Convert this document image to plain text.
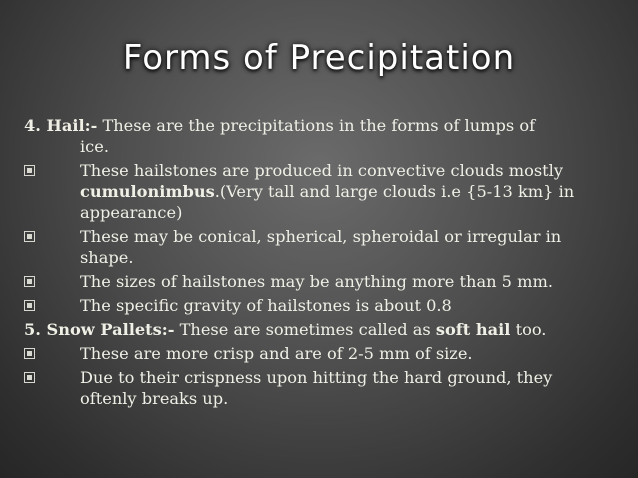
Forms of Precipitation

4. Hail:- These are the precipitations in the forms of lumps of
ice.

These hailstones are produced in convective clouds mostly cumulonimbus.(Very tall and large clouds i.e {5-13 km} in appearance)
These may be conical, spherical, spheroidal or irregular in shape.
The sizes of hailstones may be anything more than 5 mm.
The specific gravity of hailstones is about 0.8

5. Snow Pallets:- These are sometimes called as soft hail too.

These are more crisp and are of 2-5 mm of size.
Due to their crispness upon hitting the hard ground, they oftenly breaks up.
